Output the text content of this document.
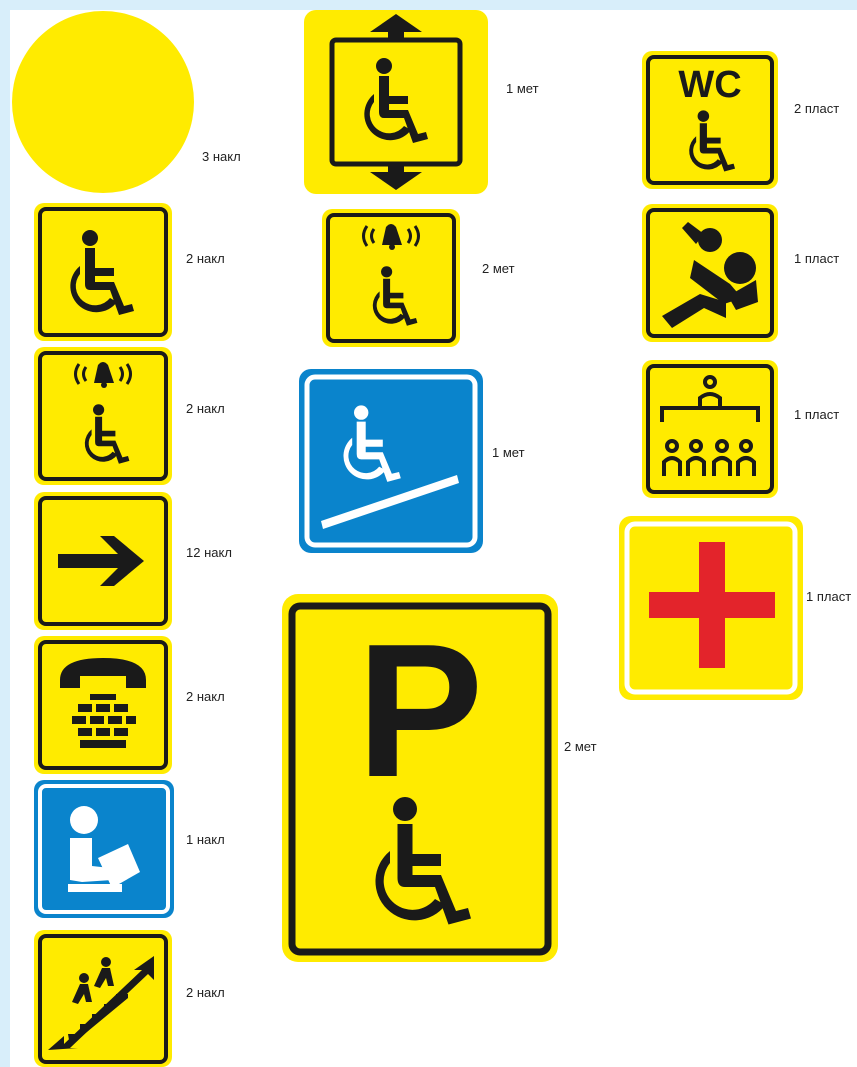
3 накл
2 накл
2 накл
12 накл
2 накл
1 накл
2 накл
1 мет
2 мет
1 мет
P	2 мет
WC
2 пласт
1 пласт
1 пласт
1 пласт
